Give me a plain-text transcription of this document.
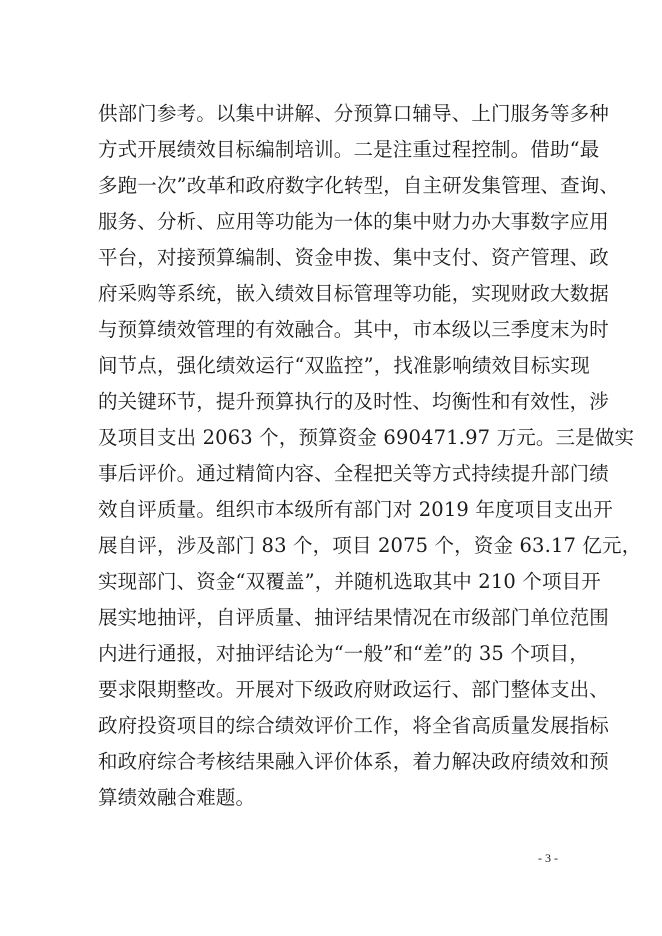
供部门参考。以集中讲解、分预算口辅导、上门服务等多种
方式开展绩效目标编制培训。二是注重过程控制。借助“最
多跑一次”改革和政府数字化转型，自主研发集管理、查询、
服务、分析、应用等功能为一体的集中财力办大事数字应用
平台，对接预算编制、资金申拨、集中支付、资产管理、政
府采购等系统，嵌入绩效目标管理等功能，实现财政大数据
与预算绩效管理的有效融合。其中，市本级以三季度末为时
间节点，强化绩效运行“双监控”，找准影响绩效目标实现
的关键环节，提升预算执行的及时性、均衡性和有效性，涉
及项目支出 2063 个，预算资金 690471.97 万元。三是做实
事后评价。通过精简内容、全程把关等方式持续提升部门绩
效自评质量。组织市本级所有部门对 2019 年度项目支出开
展自评，涉及部门 83 个，项目 2075 个，资金 63.17 亿元，
实现部门、资金“双覆盖”，并随机选取其中 210 个项目开
展实地抽评，自评质量、抽评结果情况在市级部门单位范围
内进行通报，对抽评结论为“一般”和“差”的 35 个项目，
要求限期整改。开展对下级政府财政运行、部门整体支出、
政府投资项目的综合绩效评价工作，将全省高质量发展指标
和政府综合考核结果融入评价体系，着力解决政府绩效和预
算绩效融合难题。
- 3 -
